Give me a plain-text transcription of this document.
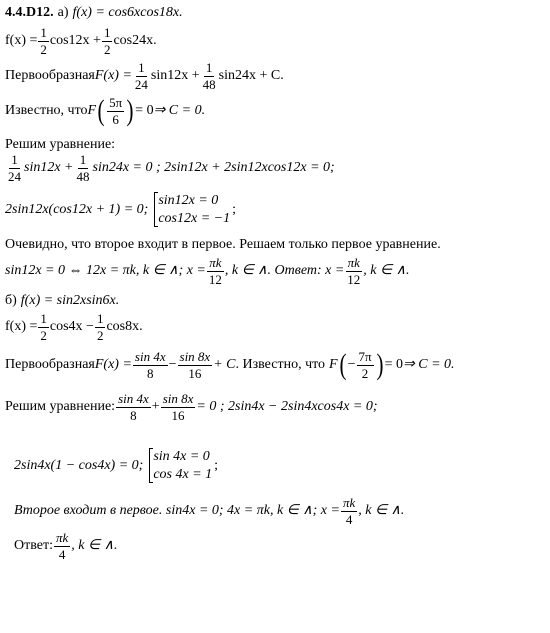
4.4.D12. а) f(x) = cos6xcos18x.
$f(x) = \frac{1}{2} \cos 12x + \frac{1}{2} \cos 24x$.
Первообразная $F(x) = \frac{1}{24} \sin 12x + \frac{1}{48} \sin 24x + C$.
Известно, что F ( $\frac{5\pi}{6}$ ) = 0 ⇒ C = 0.
Решим уравнение:
$\frac{1}{24} \sin 12x + \frac{1}{48} \sin 24x = 0$ ; 2sin12x + 2sin12xcos12x = 0;
2sin12x(cos12x + 1) = 0;
sin12x = 0
cos12x = −1
;
Очевидно, что второе входит в первое. Решаем только первое уравнение.
sin12x = 0 ⇔ 12x = πk, k ∈ ∧; $x = \frac{\pi k}{12}$ , k ∈ ∧. Ответ: $x = \frac{\pi k}{12}$ , k ∈ ∧.
б) f(x) = sin2xsin6x.
$f(x) = \frac{1}{2} \cos 4x - \frac{1}{2} \cos 8x$.
Первообразная $F(x) = \frac{\sin 4x}{8} - \frac{\sin 8x}{16} + C$ . Известно, что F ( − $\frac{7\pi}{2}$ ) = 0 ⇒ C = 0.
Решим уравнение: $\frac{\sin 4x}{8} + \frac{\sin 8x}{16} = 0$ ; 2sin4x − 2sin4xcos4x = 0;
2sin4x(1 − cos4x) = 0;
sin 4x = 0
cos 4x = 1
;
Второе входит в первое. sin4x = 0; 4x = πk, k ∈ ∧; $x = \frac{\pi k}{4}$ , k ∈ ∧.
Ответ: $\frac{\pi k}{4}$ , k ∈ ∧.
